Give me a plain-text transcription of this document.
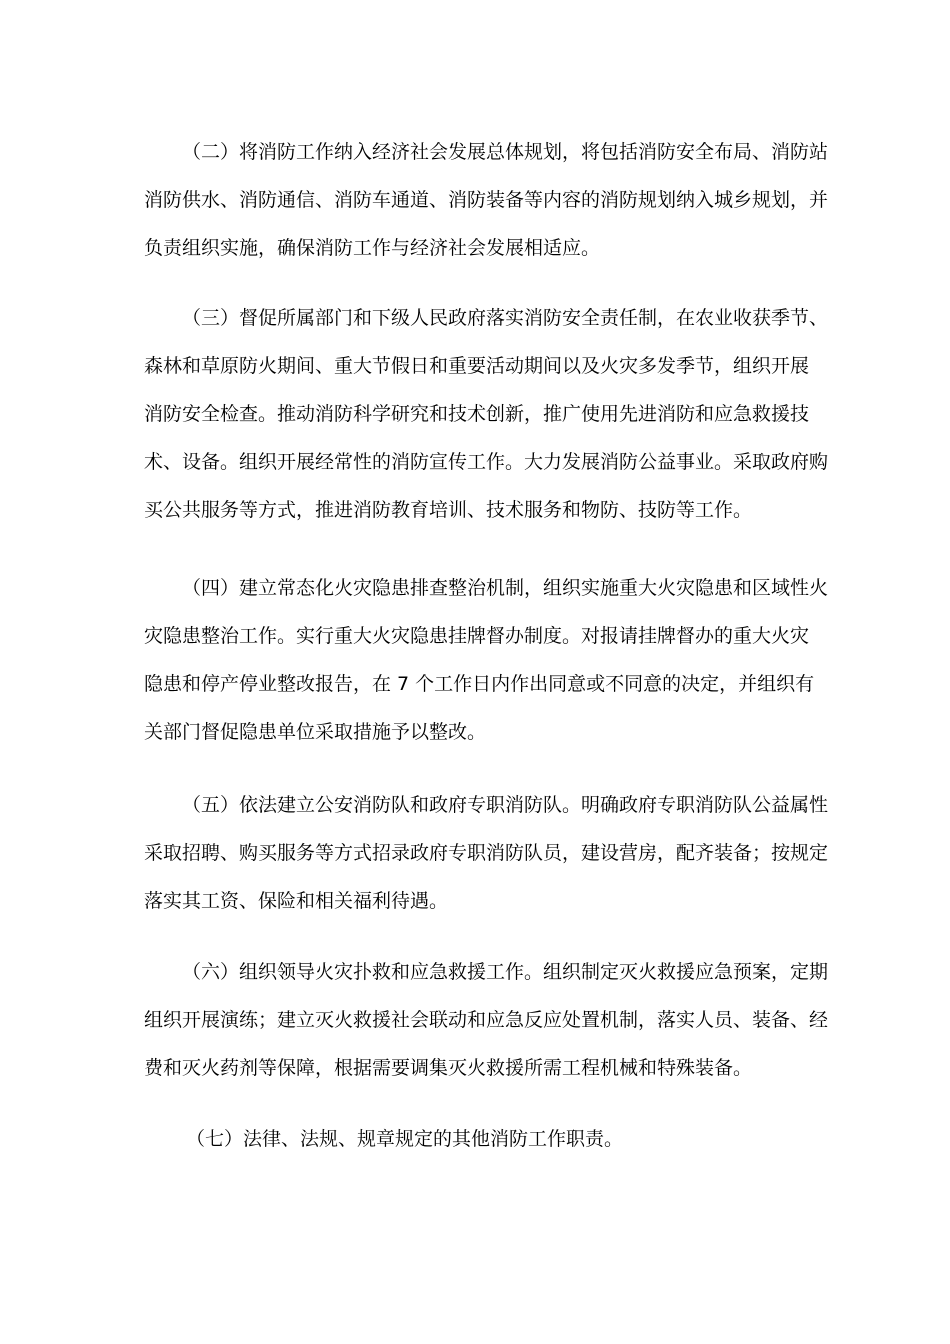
（二）将消防工作纳入经济社会发展总体规划，将包括消防安全布局、消防站
消防供水、消防通信、消防车通道、消防装备等内容的消防规划纳入城乡规划，并
负责组织实施，确保消防工作与经济社会发展相适应。
（三）督促所属部门和下级人民政府落实消防安全责任制，在农业收获季节、
森林和草原防火期间、重大节假日和重要活动期间以及火灾多发季节，组织开展
消防安全检查。推动消防科学研究和技术创新，推广使用先进消防和应急救援技
术、设备。组织开展经常性的消防宣传工作。大力发展消防公益事业。采取政府购
买公共服务等方式，推进消防教育培训、技术服务和物防、技防等工作。
（四）建立常态化火灾隐患排查整治机制，组织实施重大火灾隐患和区域性火
灾隐患整治工作。实行重大火灾隐患挂牌督办制度。对报请挂牌督办的重大火灾
隐患和停产停业整改报告，在 7 个工作日内作出同意或不同意的决定，并组织有
关部门督促隐患单位采取措施予以整改。
（五）依法建立公安消防队和政府专职消防队。明确政府专职消防队公益属性
采取招聘、购买服务等方式招录政府专职消防队员，建设营房，配齐装备；按规定
落实其工资、保险和相关福利待遇。
（六）组织领导火灾扑救和应急救援工作。组织制定灭火救援应急预案，定期
组织开展演练；建立灭火救援社会联动和应急反应处置机制，落实人员、装备、经
费和灭火药剂等保障，根据需要调集灭火救援所需工程机械和特殊装备。
（七）法律、法规、规章规定的其他消防工作职责。
